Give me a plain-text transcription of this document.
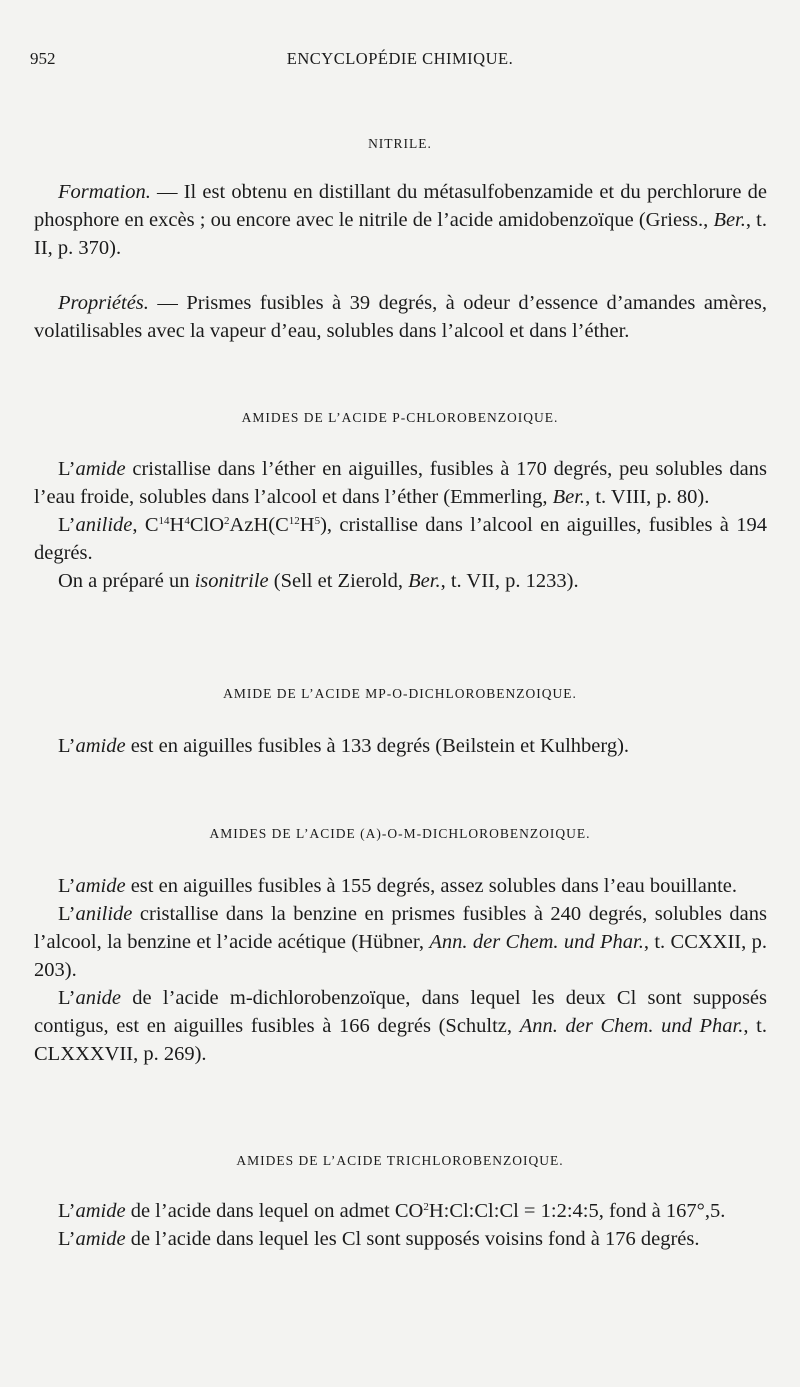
952	ENCYCLOPÉDIE CHIMIQUE.
NITRILE.

Formation. — Il est obtenu en distillant du métasulfobenzamide et du perchlorure de phosphore en excès ; ou encore avec le nitrile de l’acide amidobenzoïque (Griess., Ber., t. II, p. 370).

Propriétés. — Prismes fusibles à 39 degrés, à odeur d’essence d’amandes amères, volatilisables avec la vapeur d’eau, solubles dans l’alcool et dans l’éther.

AMIDES DE L’ACIDE P-CHLOROBENZOIQUE.

L’amide cristallise dans l’éther en aiguilles, fusibles à 170 degrés, peu solubles dans l’eau froide, solubles dans l’alcool et dans l’éther (Emmerling, Ber., t. VIII, p. 80).

L’anilide, $C^{14}H^4ClO^2AzH(C^{12}H^5)$, cristallise dans l’alcool en aiguilles, fusibles à 194 degrés.

On a préparé un isonitrile (Sell et Zierold, Ber., t. VII, p. 1233).

AMIDE DE L’ACIDE MP-O-DICHLOROBENZOIQUE.

L’amide est en aiguilles fusibles à 133 degrés (Beilstein et Kulhberg).

AMIDES DE L’ACIDE (A)-O-M-DICHLOROBENZOIQUE.

L’amide est en aiguilles fusibles à 155 degrés, assez solubles dans l’eau bouillante.

L’anilide cristallise dans la benzine en prismes fusibles à 240 degrés, solubles dans l’alcool, la benzine et l’acide acétique (Hübner, Ann. der Chem. und Phar., t. CCXXII, p. 203).

L’anide de l’acide m-dichlorobenzoïque, dans lequel les deux Cl sont supposés contigus, est en aiguilles fusibles à 166 degrés (Schultz, Ann. der Chem. und Phar., t. CLXXXVII, p. 269).

AMIDES DE L’ACIDE TRICHLOROBENZOIQUE.

L’amide de l’acide dans lequel on admet $CO^2H:Cl:Cl:Cl$ = 1:2:4:5, fond à 167°,5.

L’amide de l’acide dans lequel les Cl sont supposés voisins fond à 176 degrés.
